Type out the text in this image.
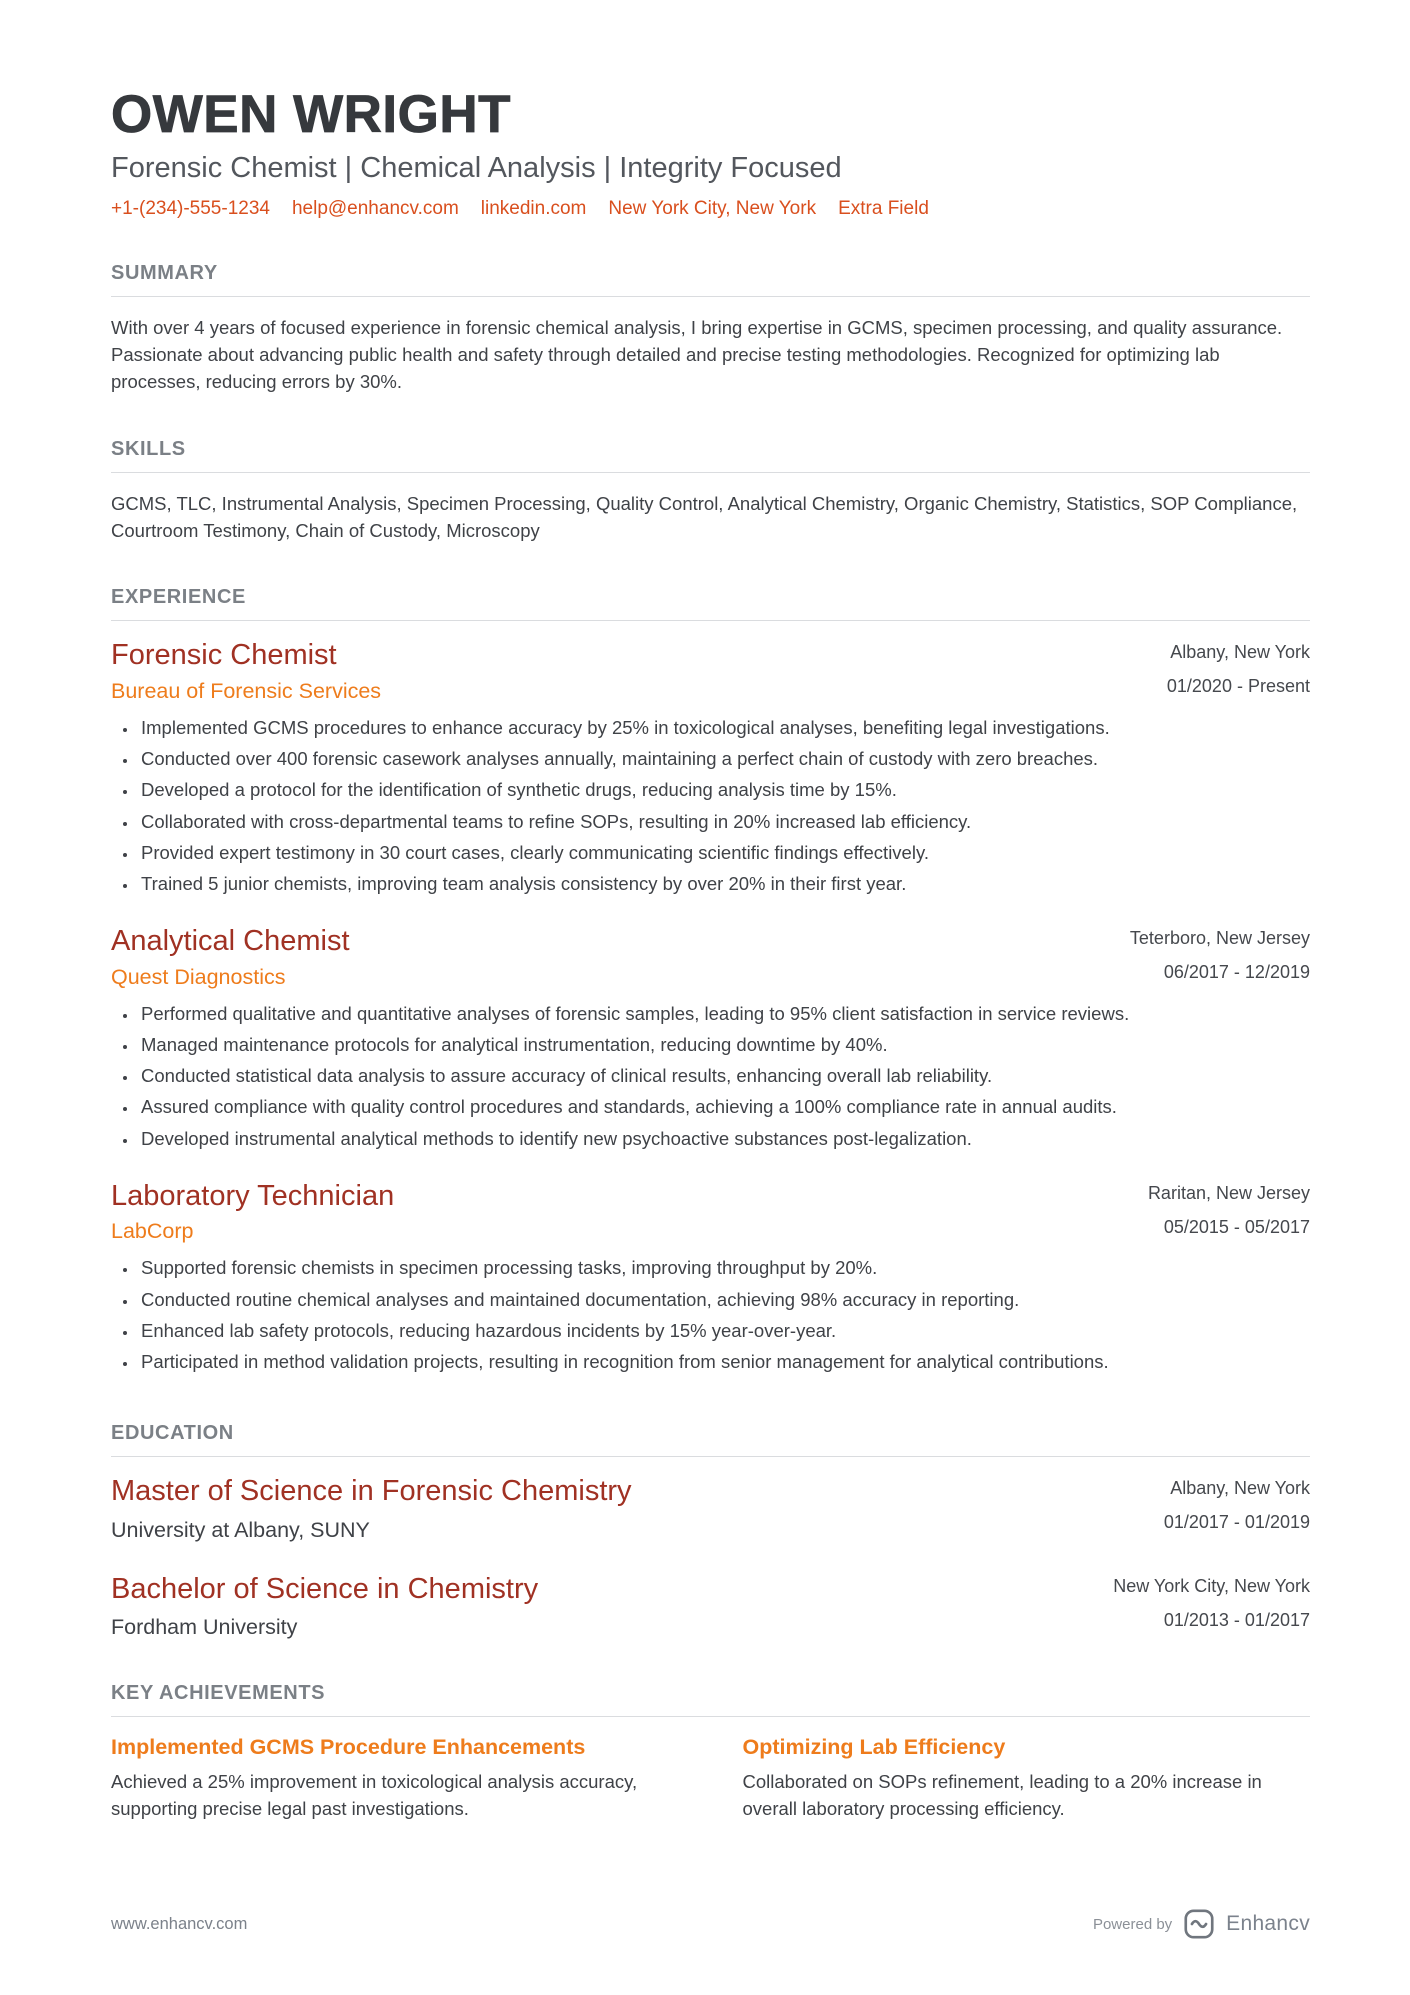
OWEN WRIGHT
Forensic Chemist | Chemical Analysis | Integrity Focused
+1-(234)-555-1234 help@enhancv.com linkedin.com New York City, New York Extra Field
SUMMARY

With over 4 years of focused experience in forensic chemical analysis, I bring expertise in GCMS, specimen processing, and quality assurance. Passionate about advancing public health and safety through detailed and precise testing methodologies. Recognized for optimizing lab processes, reducing errors by 30%.

SKILLS

GCMS, TLC, Instrumental Analysis, Specimen Processing, Quality Control, Analytical Chemistry, Organic Chemistry, Statistics, SOP Compliance, Courtroom Testimony, Chain of Custody, Microscopy

EXPERIENCE
Forensic Chemist
Bureau of Forensic Services
Albany, New York
01/2020 - Present
• Implemented GCMS procedures to enhance accuracy by 25% in toxicological analyses, benefiting legal investigations.
• Conducted over 400 forensic casework analyses annually, maintaining a perfect chain of custody with zero breaches.
• Developed a protocol for the identification of synthetic drugs, reducing analysis time by 15%.
• Collaborated with cross-departmental teams to refine SOPs, resulting in 20% increased lab efficiency.
• Provided expert testimony in 30 court cases, clearly communicating scientific findings effectively.
• Trained 5 junior chemists, improving team analysis consistency by over 20% in their first year.
Analytical Chemist
Quest Diagnostics
Teterboro, New Jersey
06/2017 - 12/2019
• Performed qualitative and quantitative analyses of forensic samples, leading to 95% client satisfaction in service reviews.
• Managed maintenance protocols for analytical instrumentation, reducing downtime by 40%.
• Conducted statistical data analysis to assure accuracy of clinical results, enhancing overall lab reliability.
• Assured compliance with quality control procedures and standards, achieving a 100% compliance rate in annual audits.
• Developed instrumental analytical methods to identify new psychoactive substances post-legalization.
Laboratory Technician
LabCorp
Raritan, New Jersey
05/2015 - 05/2017
• Supported forensic chemists in specimen processing tasks, improving throughput by 20%.
• Conducted routine chemical analyses and maintained documentation, achieving 98% accuracy in reporting.
• Enhanced lab safety protocols, reducing hazardous incidents by 15% year-over-year.
• Participated in method validation projects, resulting in recognition from senior management for analytical contributions.
EDUCATION
Master of Science in Forensic Chemistry
University at Albany, SUNY
Albany, New York
01/2017 - 01/2019
Bachelor of Science in Chemistry
Fordham University
New York City, New York
01/2013 - 01/2017
KEY ACHIEVEMENTS
Implemented GCMS Procedure Enhancements

Achieved a 25% improvement in toxicological analysis accuracy, supporting precise legal past investigations.

Optimizing Lab Efficiency

Collaborated on SOPs refinement, leading to a 20% increase in overall laboratory processing efficiency.

www.enhancv.com	Powered by	Enhancv
